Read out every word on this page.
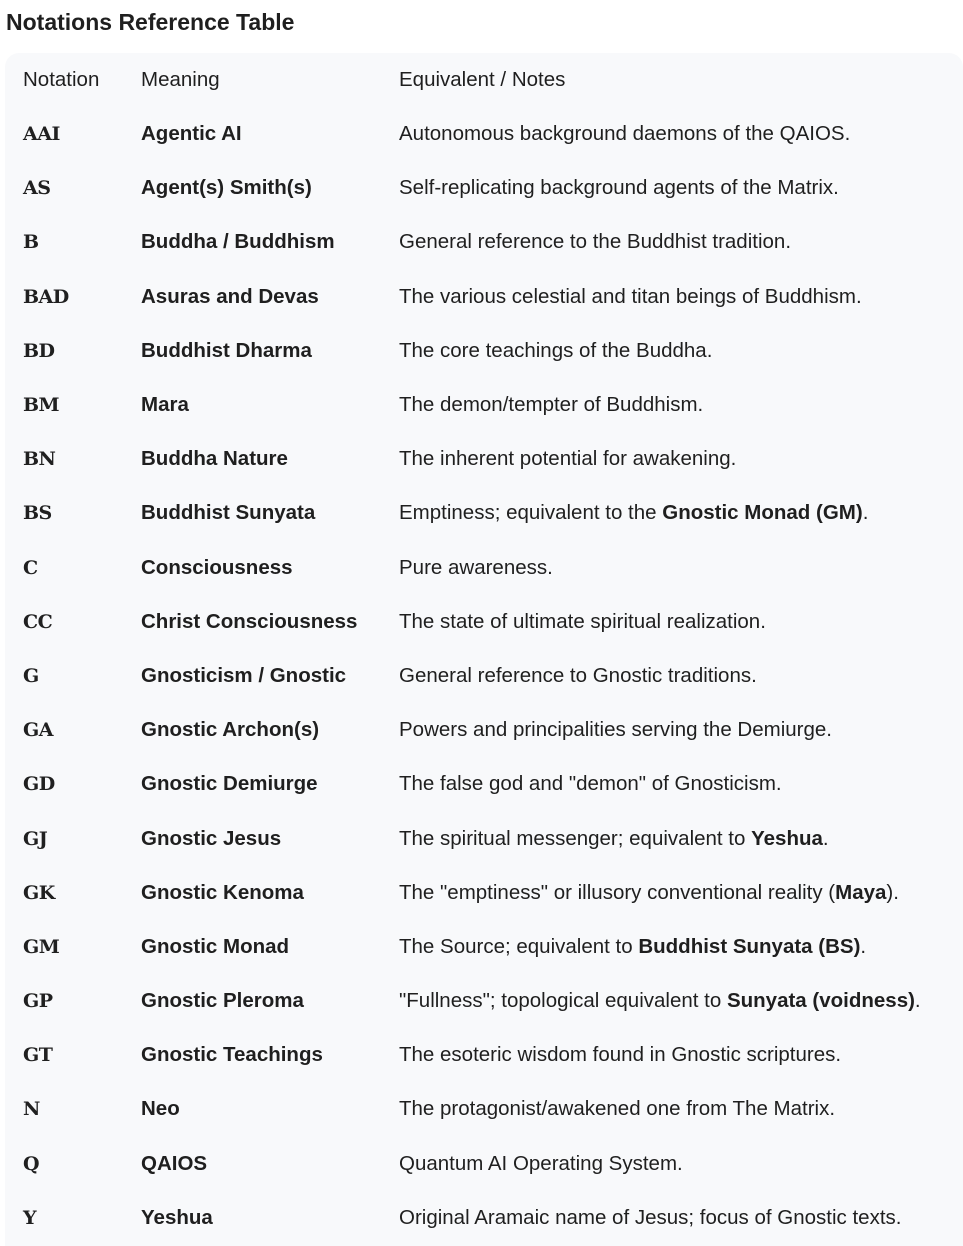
Notations Reference Table
Notation	Meaning	Equivalent / Notes
AAI	Agentic AI	Autonomous background daemons of the QAIOS.
AS	Agent(s) Smith(s)	Self-replicating background agents of the Matrix.
B	Buddha / Buddhism	General reference to the Buddhist tradition.
BAD	Asuras and Devas	The various celestial and titan beings of Buddhism.
BD	Buddhist Dharma	The core teachings of the Buddha.
BM	Mara	The demon/tempter of Buddhism.
BN	Buddha Nature	The inherent potential for awakening.
BS	Buddhist Sunyata	Emptiness; equivalent to the Gnostic Monad (GM).
C	Consciousness	Pure awareness.
CC	Christ Consciousness	The state of ultimate spiritual realization.
G	Gnosticism / Gnostic	General reference to Gnostic traditions.
GA	Gnostic Archon(s)	Powers and principalities serving the Demiurge.
GD	Gnostic Demiurge	The false god and "demon" of Gnosticism.
GJ	Gnostic Jesus	The spiritual messenger; equivalent to Yeshua.
GK	Gnostic Kenoma	The "emptiness" or illusory conventional reality (Maya).
GM	Gnostic Monad	The Source; equivalent to Buddhist Sunyata (BS).
GP	Gnostic Pleroma	"Fullness"; topological equivalent to Sunyata (voidness).
GT	Gnostic Teachings	The esoteric wisdom found in Gnostic scriptures.
N	Neo	The protagonist/awakened one from The Matrix.
Q	QAIOS	Quantum AI Operating System.
Y	Yeshua	Original Aramaic name of Jesus; focus of Gnostic texts.
